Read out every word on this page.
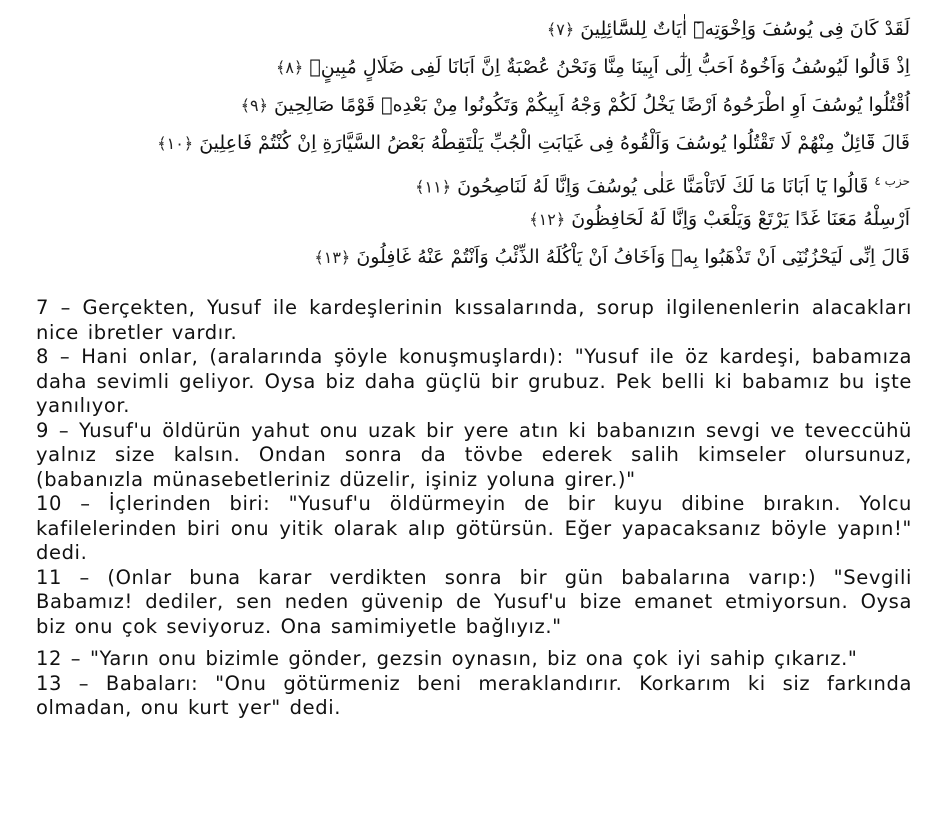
لَقَدْ كَانَ فِى يُوسُفَ وَاِخْوَتِهٖٓ اٰيَاتٌ لِلسَّٓائِلِينَ ﴿٧﴾
اِذْ قَالُوا لَيُوسُفُ وَاَخُوهُ اَحَبُّ اِلٰٓى اَبِينَا مِنَّا وَنَحْنُ عُصْبَةٌ اِنَّ اَبَانَا لَفِى ضَلَالٍ مُبِينٍۚ ﴿٨﴾
اُقْتُلُوا يُوسُفَ اَوِ اطْرَحُوهُ اَرْضًا يَخْلُ لَكُمْ وَجْهُ اَبِيكُمْ وَتَكُونُوا مِنْ بَعْدِهٖ قَوْمًا صَالِحِينَ ﴿٩﴾
قَالَ قَٓائِلٌ مِنْهُمْ لَا تَقْتُلُوا يُوسُفَ وَاَلْقُوهُ فِى غَيَابَتِ الْجُبِّ يَلْتَقِطْهُ بَعْضُ السَّيَّارَةِ اِنْ كُنْتُمْ فَاعِلِينَ ﴿١٠﴾
$^{حزب ٤}$ قَالُوا يَٓا اَبَانَا مَا لَكَ لَاتَاْمَنَّا عَلٰى يُوسُفَ وَاِنَّا لَهُ لَنَاصِحُونَ ﴿١١﴾
اَرْسِلْهُ مَعَنَا غَدًا يَرْتَعْ وَيَلْعَبْ وَاِنَّا لَهُ لَحَافِظُونَ ﴿١٢﴾
قَالَ اِنِّى لَيَحْزُنُنِٓى اَنْ تَذْهَبُوا بِهٖ وَاَخَافُ اَنْ يَاْكُلَهُ الذِّئْبُ وَاَنْتُمْ عَنْهُ غَافِلُونَ ﴿١٣﴾

7 – Gerçekten, Yusuf ile kardeşlerinin kıssalarında, sorup ilgilenenlerin alacakları nice ibretler vardır.

8 – Hani onlar, (aralarında şöyle konuşmuşlardı): "Yusuf ile öz kardeşi, babamıza daha sevimli geliyor. Oysa biz daha güçlü bir grubuz. Pek belli ki babamız bu işte yanılıyor.

9 – Yusuf'u öldürün yahut onu uzak bir yere atın ki babanızın sevgi ve teveccühü yalnız size kalsın. Ondan sonra da tövbe ederek salih kimseler olursunuz, (babanızla münasebetleriniz düzelir, işiniz yoluna girer.)"

10 – İçlerinden biri: "Yusuf'u öldürmeyin de bir kuyu dibine bırakın. Yolcu kafilelerinden biri onu yitik olarak alıp götürsün. Eğer yapacaksanız böyle yapın!" dedi.

11 – (Onlar buna karar verdikten sonra bir gün babalarına varıp:) "Sevgili Babamız! dediler, sen neden güvenip de Yusuf'u bize emanet etmiyorsun. Oysa biz onu çok seviyoruz. Ona samimiyetle bağlıyız."

12 – "Yarın onu bizimle gönder, gezsin oynasın, biz ona çok iyi sahip çıkarız."

13 – Babaları: "Onu götürmeniz beni meraklandırır. Korkarım ki siz farkında olmadan, onu kurt yer" dedi.
